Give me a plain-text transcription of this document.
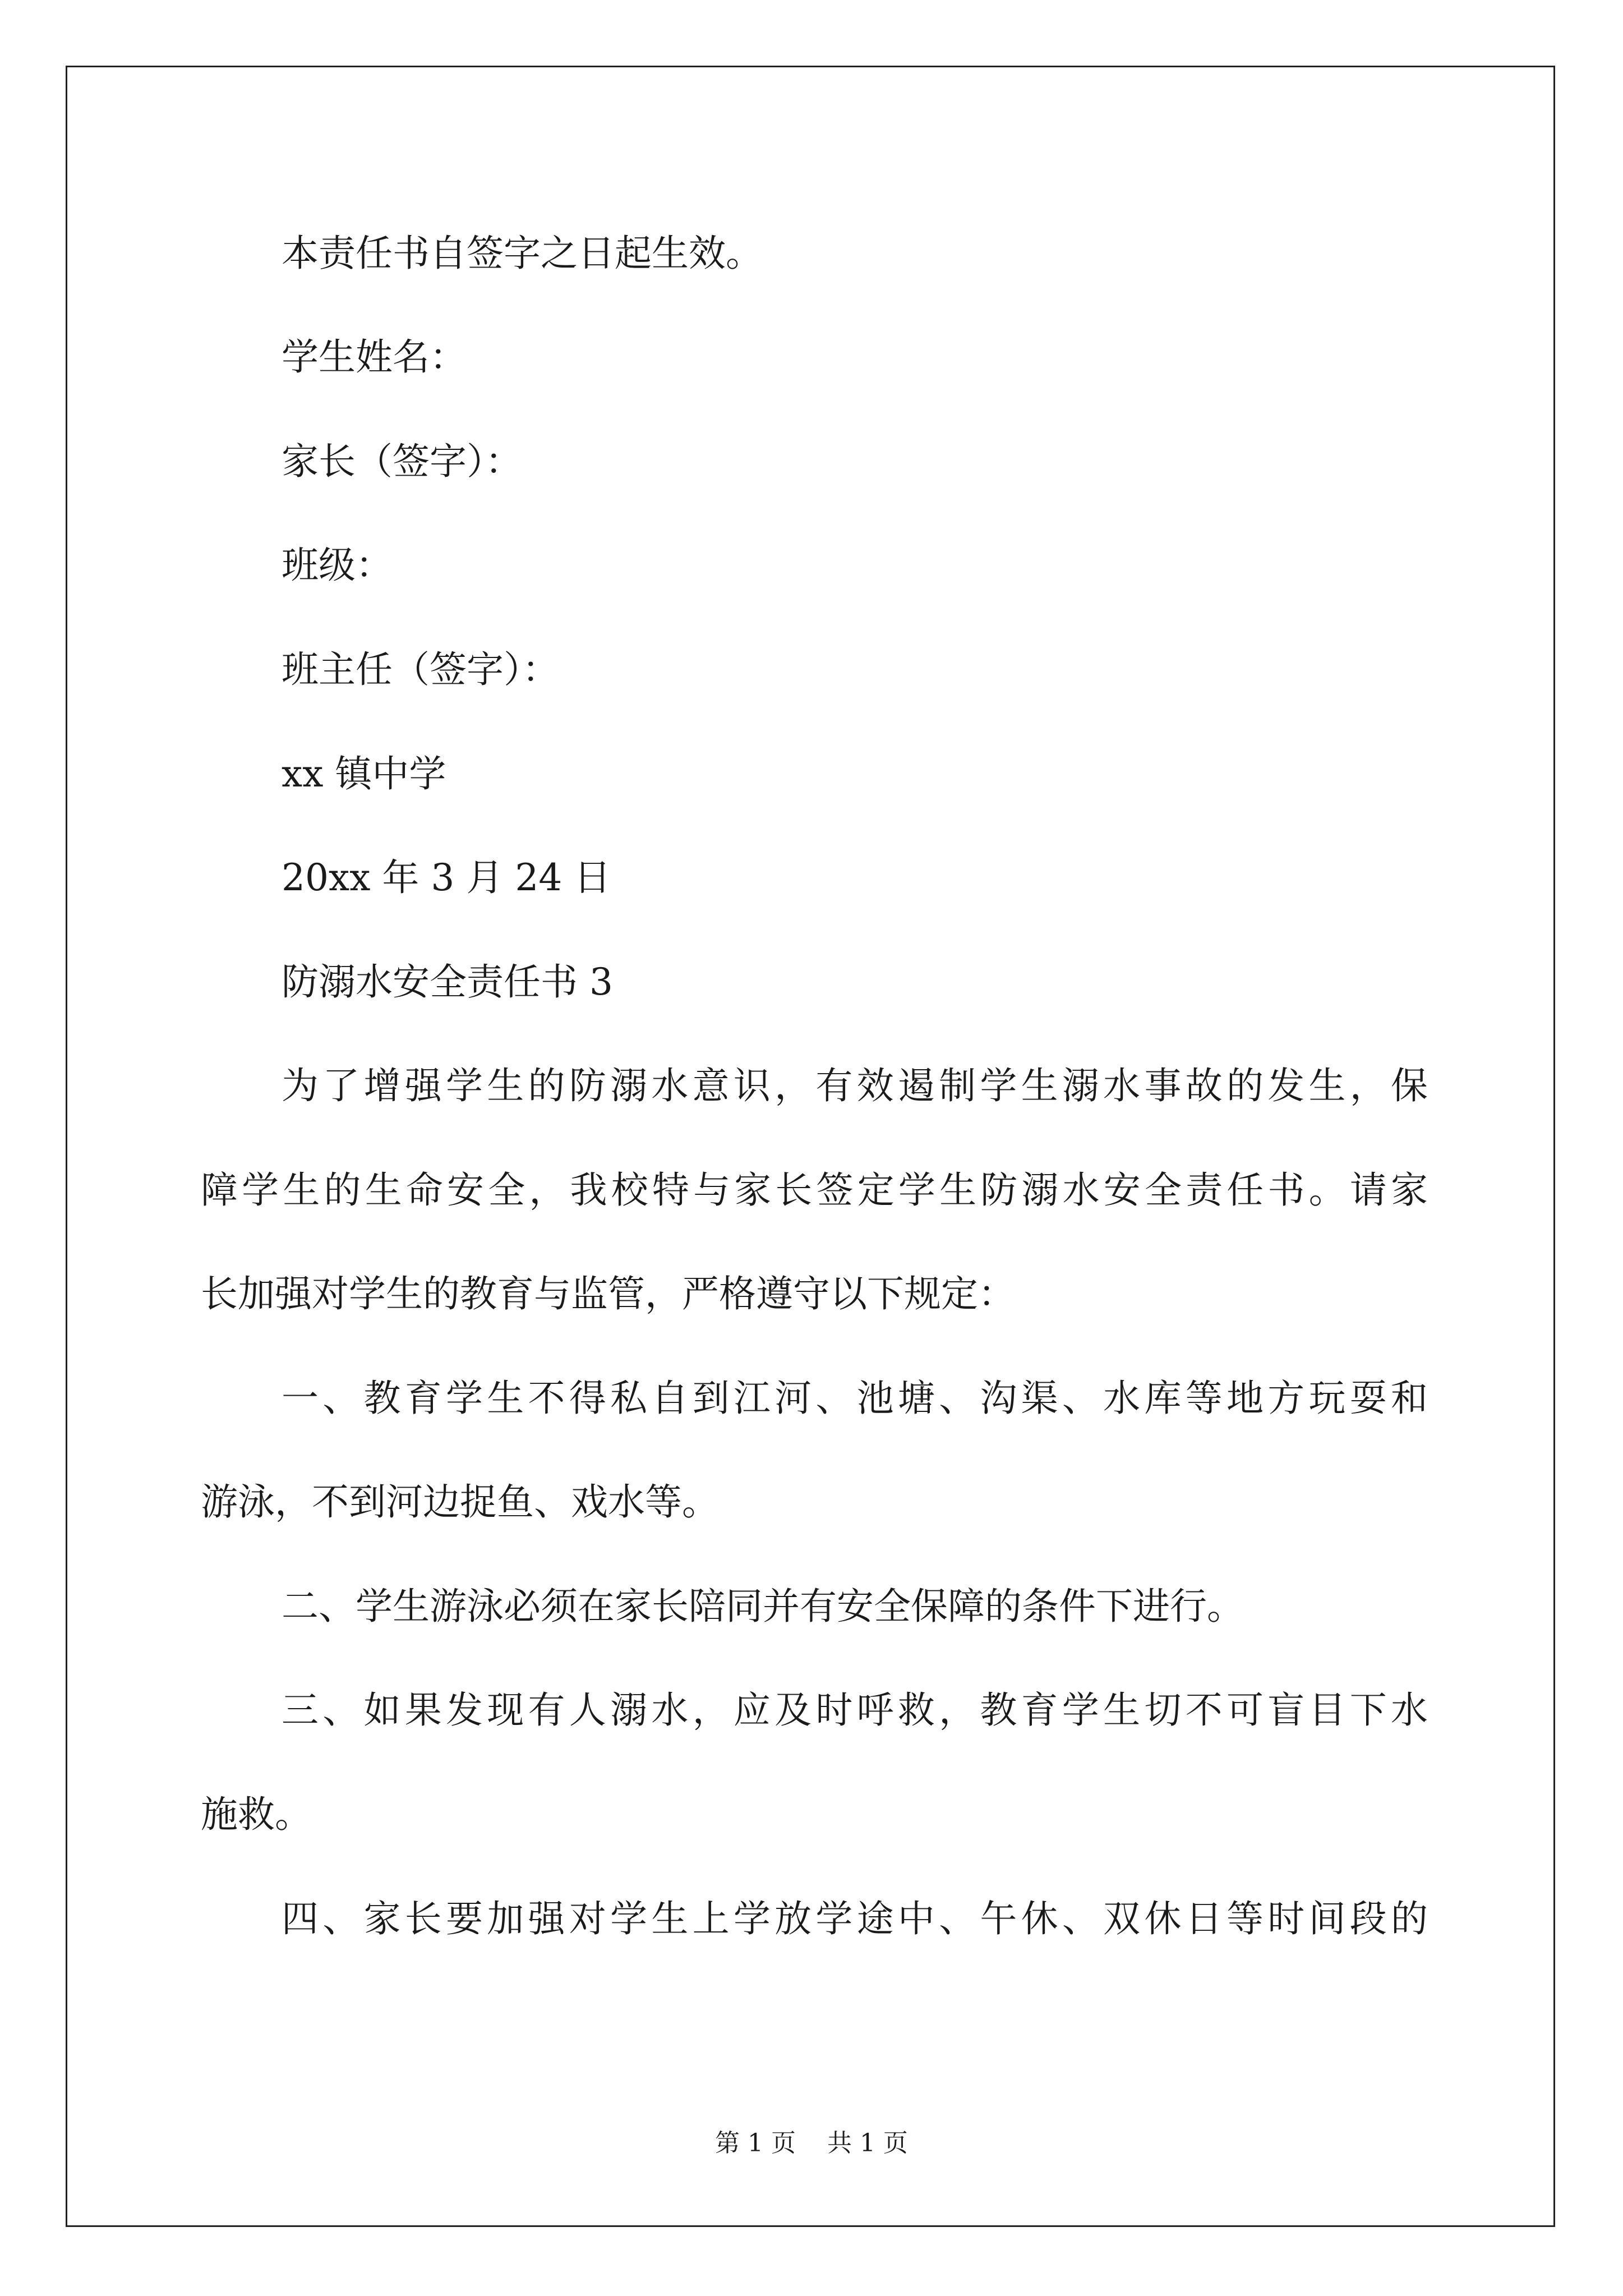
本责任书自签字之日起生效。
学生姓名：
家长（签字）：
班级：
班主任（签字）：
xx 镇中学
20xx 年 3 月 24 日
防溺水安全责任书 3
为了增强学生的防溺水意识，有效遏制学生溺水事故的发生，保
障学生的生命安全，我校特与家长签定学生防溺水安全责任书。请家
长加强对学生的教育与监管，严格遵守以下规定：
一、教育学生不得私自到江河、池塘、沟渠、水库等地方玩耍和
游泳，不到河边捉鱼、戏水等。
二、学生游泳必须在家长陪同并有安全保障的条件下进行。
三、如果发现有人溺水，应及时呼救，教育学生切不可盲目下水
施救。
四、家长要加强对学生上学放学途中、午休、双休日等时间段的
第 1 页    共 1 页
